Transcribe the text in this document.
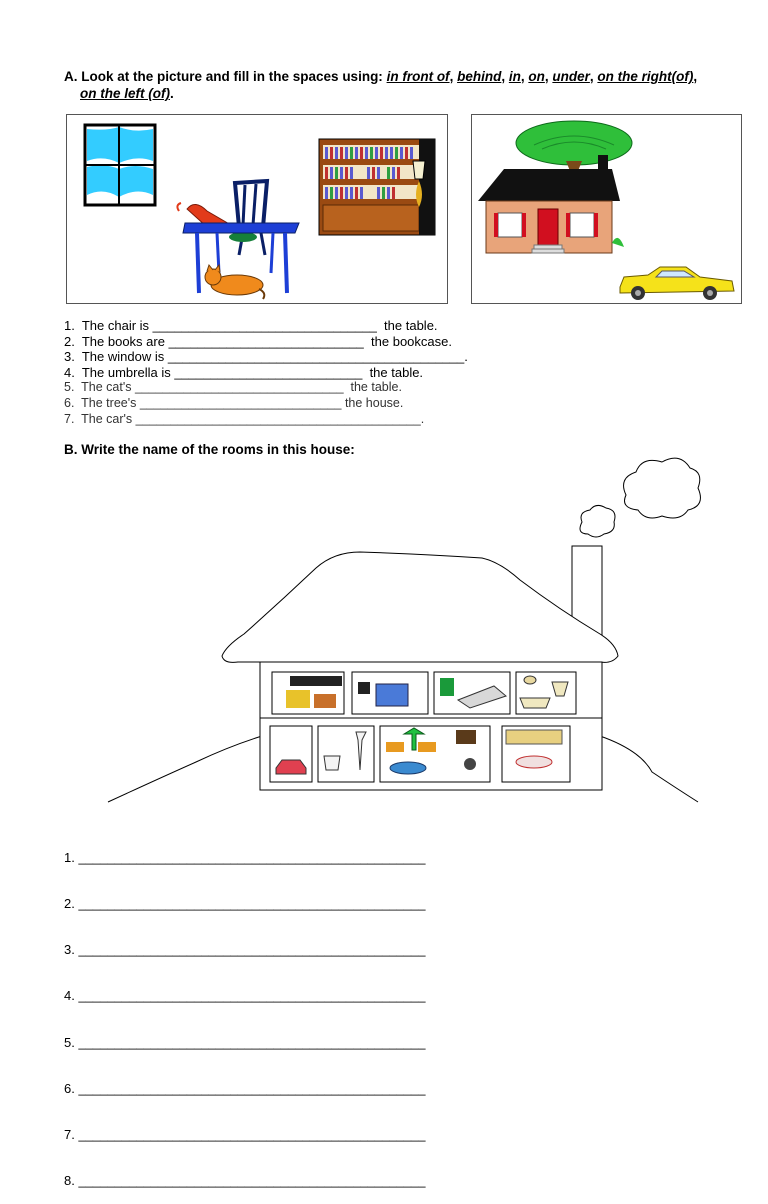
A. Look at the picture and fill in the spaces using: in front of, behind, in, on, under, on the right(of),
on the left (of).
1. The chair is _______________________________ the table.
2. The books are ___________________________ the bookcase.
3. The window is _________________________________________.
4. The umbrella is __________________________ the table.
5. The cat's ______________________________ the table.
6. The tree's _____________________________ the house.
7. The car's _________________________________________.
B. Write the name of the rooms in this house:

1. ________________________________________________

2. ________________________________________________

3. ________________________________________________

4. ________________________________________________

5. ________________________________________________

6. ________________________________________________

7. ________________________________________________

8. ________________________________________________
